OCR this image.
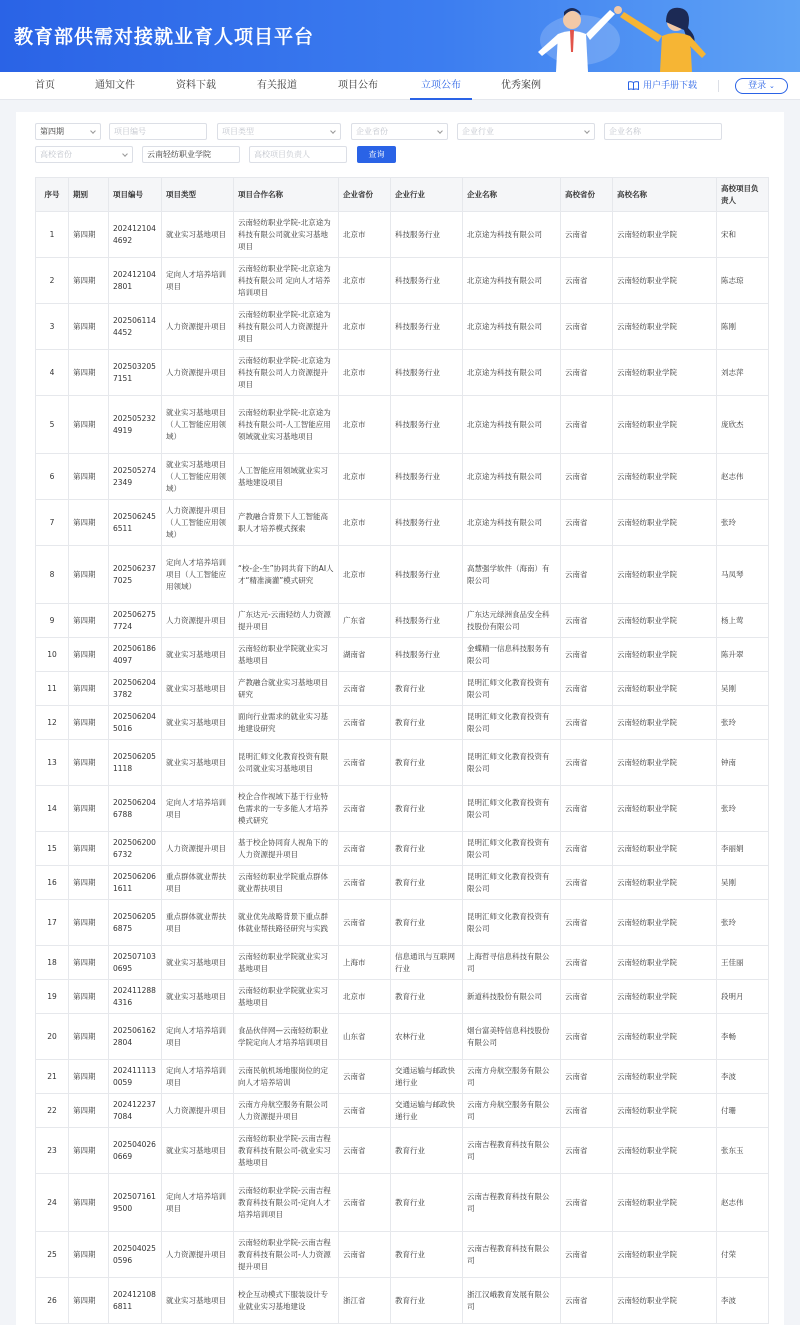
教育部供需对接就业育人项目平台
首页	通知文件	资料下载	有关报道	项目公布	立项公布	优秀案例	用户手册下载	登录 ⌄
第四期	项目编号	项目类型	企业省份	企业行业	企业名称
高校省份	云南轻纺职业学院	高校项目负责人	查询
序号	期别	项目编号	项目类型	项目合作名称	企业省份	企业行业	企业名称	高校省份	高校名称	高校项目负责人
1	第四期	2024121044692	就业实习基地项目	云南轻纺职业学院-北京途为科技有限公司就业实习基地项目	北京市	科技服务行业	北京途为科技有限公司	云南省	云南轻纺职业学院	宋和
2	第四期	2024121042801	定向人才培养培训项目	云南轻纺职业学院-北京途为科技有限公司 定向人才培养培训项目	北京市	科技服务行业	北京途为科技有限公司	云南省	云南轻纺职业学院	陈志琼
3	第四期	2025061144452	人力资源提升项目	云南轻纺职业学院-北京途为科技有限公司人力资源提升项目	北京市	科技服务行业	北京途为科技有限公司	云南省	云南轻纺职业学院	陈刚
4	第四期	2025032057151	人力资源提升项目	云南轻纺职业学院-北京途为科技有限公司人力资源提升项目	北京市	科技服务行业	北京途为科技有限公司	云南省	云南轻纺职业学院	刘志萍
5	第四期	2025052324919	就业实习基地项目（人工智能应用领域）	云南轻纺职业学院-北京途为科技有限公司-人工智能应用领域就业实习基地项目	北京市	科技服务行业	北京途为科技有限公司	云南省	云南轻纺职业学院	庞欣杰
6	第四期	2025052742349	就业实习基地项目（人工智能应用领域）	人工智能应用领域就业实习基地建设项目	北京市	科技服务行业	北京途为科技有限公司	云南省	云南轻纺职业学院	赵志伟
7	第四期	2025062456511	人力资源提升项目（人工智能应用领域）	产教融合背景下人工智能高职人才培养模式探索	北京市	科技服务行业	北京途为科技有限公司	云南省	云南轻纺职业学院	张玲
8	第四期	2025062377025	定向人才培养培训项目（人工智能应用领域）	“校-企-生”协同共育下的AI人才“精准滴灌”模式研究	北京市	科技服务行业	高慧强学软件（海南）有限公司	云南省	云南轻纺职业学院	马凤琴
9	第四期	2025062757724	人力资源提升项目	广东达元-云南轻纺人力资源提升项目	广东省	科技服务行业	广东达元绿洲食品安全科技股份有限公司	云南省	云南轻纺职业学院	杨上莺
10	第四期	2025061864097	就业实习基地项目	云南轻纺职业学院就业实习基地项目	湖南省	科技服务行业	金蝶精一信息科技服务有限公司	云南省	云南轻纺职业学院	陈升翠
11	第四期	2025062043782	就业实习基地项目	产教融合就业实习基地项目研究	云南省	教育行业	昆明汇师文化教育投资有限公司	云南省	云南轻纺职业学院	吴刚
12	第四期	2025062045016	就业实习基地项目	面向行业需求的就业实习基地建设研究	云南省	教育行业	昆明汇师文化教育投资有限公司	云南省	云南轻纺职业学院	张玲
13	第四期	2025062051118	就业实习基地项目	昆明汇师文化教育投资有限公司就业实习基地项目	云南省	教育行业	昆明汇师文化教育投资有限公司	云南省	云南轻纺职业学院	钟南
14	第四期	2025062046788	定向人才培养培训项目	校企合作视域下基于行业特色需求的一专多能人才培养模式研究	云南省	教育行业	昆明汇师文化教育投资有限公司	云南省	云南轻纺职业学院	张玲
15	第四期	2025062006732	人力资源提升项目	基于校企协同育人视角下的人力资源提升项目	云南省	教育行业	昆明汇师文化教育投资有限公司	云南省	云南轻纺职业学院	李丽娟
16	第四期	2025062061611	重点群体就业帮扶项目	云南轻纺职业学院重点群体就业帮扶项目	云南省	教育行业	昆明汇师文化教育投资有限公司	云南省	云南轻纺职业学院	吴刚
17	第四期	2025062056875	重点群体就业帮扶项目	就业优先战略背景下重点群体就业帮扶路径研究与实践	云南省	教育行业	昆明汇师文化教育投资有限公司	云南省	云南轻纺职业学院	张玲
18	第四期	2025071030695	就业实习基地项目	云南轻纺职业学院就业实习基地项目	上海市	信息通讯与互联网行业	上海哲寻信息科技有限公司	云南省	云南轻纺职业学院	王佳丽
19	第四期	2024112884316	就业实习基地项目	云南轻纺职业学院就业实习基地项目	北京市	教育行业	新道科技股份有限公司	云南省	云南轻纺职业学院	段明月
20	第四期	2025061622804	定向人才培养培训项目	食品伙伴网—云南轻纺职业学院定向人才培养培训项目	山东省	农林行业	烟台富美特信息科技股份有限公司	云南省	云南轻纺职业学院	李畅
21	第四期	2024111130059	定向人才培养培训项目	云南民航机场地服岗位的定向人才培养培训	云南省	交通运输与邮政快递行业	云南方舟航空服务有限公司	云南省	云南轻纺职业学院	李波
22	第四期	2024122377084	人力资源提升项目	云南方舟航空服务有限公司人力资源提升项目	云南省	交通运输与邮政快递行业	云南方舟航空服务有限公司	云南省	云南轻纺职业学院	付珊
23	第四期	2025040260669	就业实习基地项目	云南轻纺职业学院-云南吉程教育科技有限公司-就业实习基地项目	云南省	教育行业	云南吉程教育科技有限公司	云南省	云南轻纺职业学院	张东玉
24	第四期	2025071619500	定向人才培养培训项目	云南轻纺职业学院-云南吉程教育科技有限公司-定向人才培养培训项目	云南省	教育行业	云南吉程教育科技有限公司	云南省	云南轻纺职业学院	赵志伟
25	第四期	2025040250596	人力资源提升项目	云南轻纺职业学院-云南吉程教育科技有限公司-人力资源提升项目	云南省	教育行业	云南吉程教育科技有限公司	云南省	云南轻纺职业学院	付荣
26	第四期	2024121086811	就业实习基地项目	校企互动模式下服装设计专业就业实习基地建设	浙江省	教育行业	浙江汉峨教育发展有限公司	云南省	云南轻纺职业学院	李波
